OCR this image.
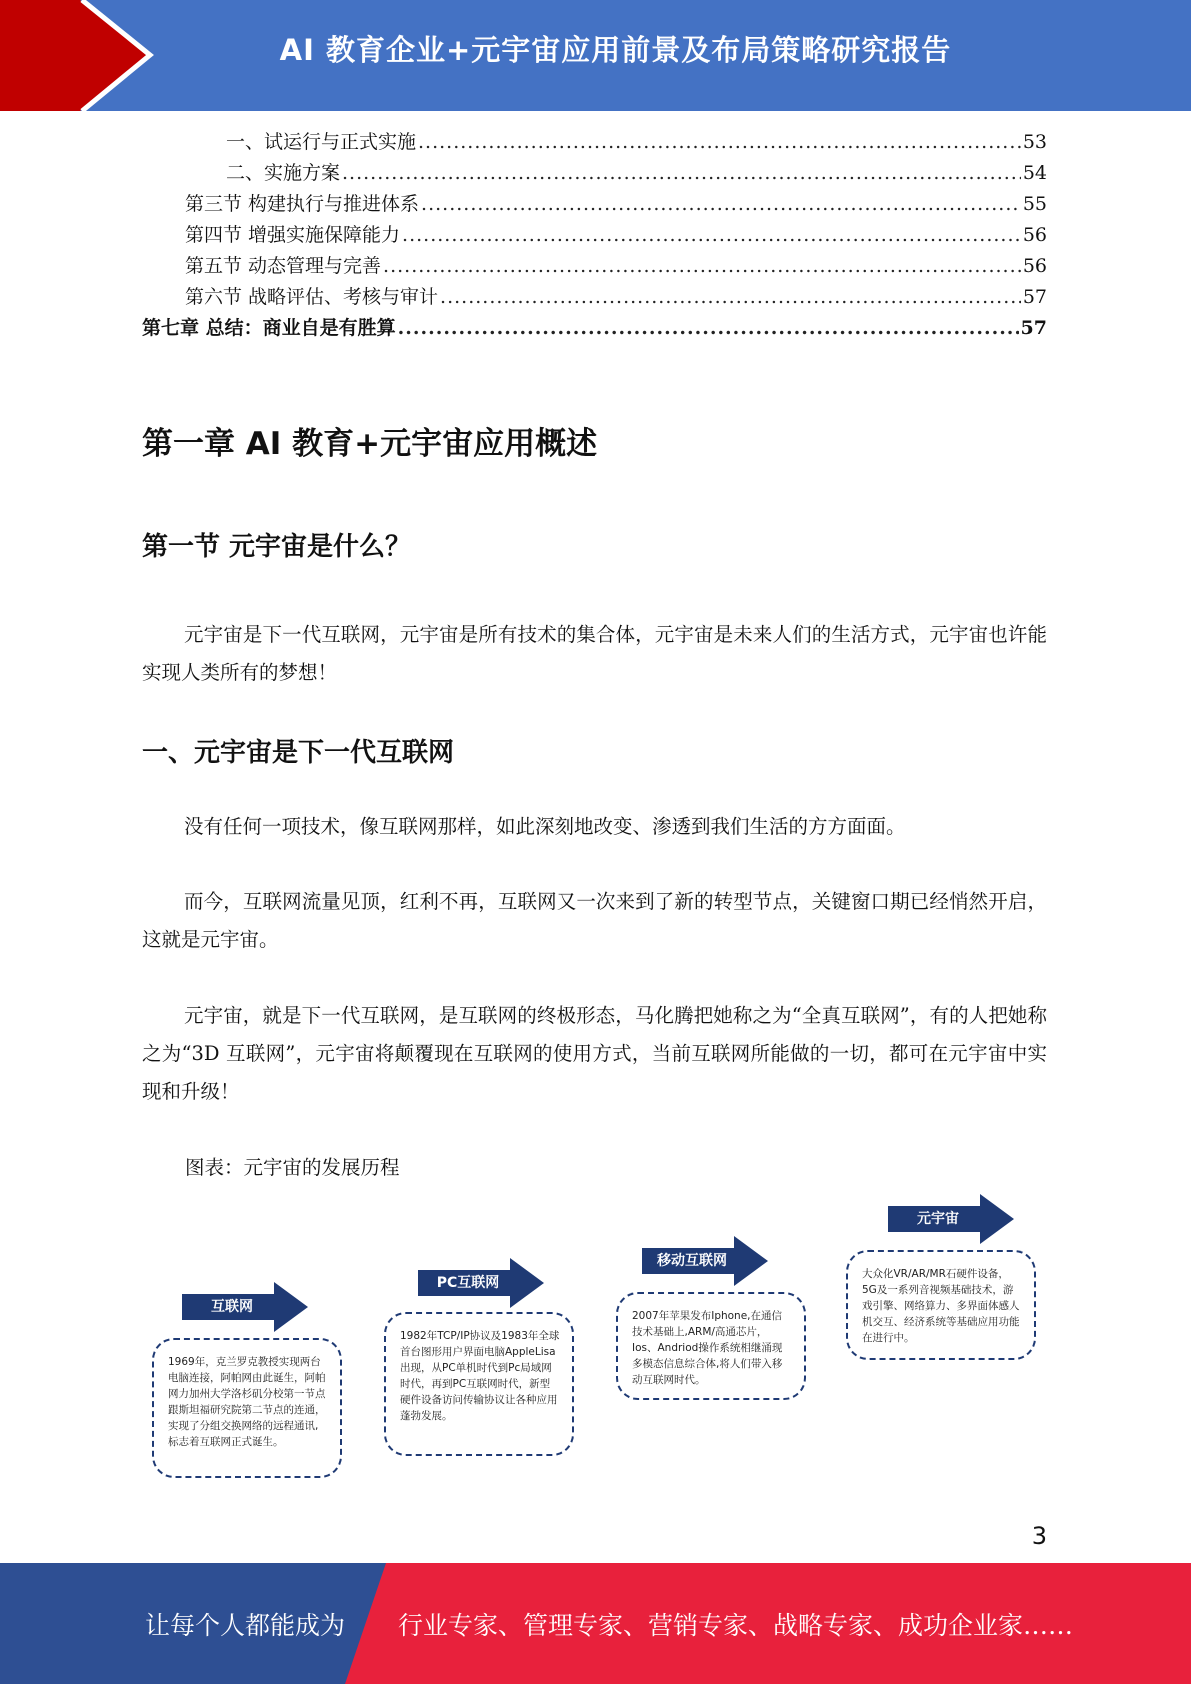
AI 教育企业+元宇宙应用前景及布局策略研究报告
一、试运行与正式实施 .....	53
二、实施方案 .....	54
第三节 构建执行与推进体系 .....	55
第四节 增强实施保障能力 .....	56
第五节 动态管理与完善 .....	56
第六节 战略评估、考核与审计 .....	57
第七章 总结：商业自是有胜算 .....	57
第一章 AI 教育+元宇宙应用概述
第一节 元宇宙是什么？
元宇宙是下一代互联网，元宇宙是所有技术的集合体，元宇宙是未来人们的生活方式，元宇宙也许能实现人类所有的梦想！
一、元宇宙是下一代互联网
没有任何一项技术，像互联网那样，如此深刻地改变、渗透到我们生活的方方面面。
而今，互联网流量见顶，红利不再，互联网又一次来到了新的转型节点，关键窗口期已经悄然开启，这就是元宇宙。
元宇宙，就是下一代互联网，是互联网的终极形态，马化腾把她称之为“全真互联网”，有的人把她称之为“3D 互联网”，元宇宙将颠覆现在互联网的使用方式，当前互联网所能做的一切，都可在元宇宙中实现和升级！
图表：元宇宙的发展历程
互联网
1969年，克兰罗克教授实现两台电脑连接，阿帕网由此诞生，阿帕网力加州大学洛杉矶分校第一节点跟斯坦福研究院第二节点的连通，实现了分组交换网络的远程通讯,标志着互联网正式诞生。
PC互联网
1982年TCP/IP协议及1983年全球首台图形用户界面电脑AppleLisa出现，从PC单机时代到Pc局域网时代，再到PC互联网时代，新型硬件设备访问传输协议让各种应用蓬勃发展。
移动互联网
2007年苹果发布Iphone,在通信技术基础上,ARM/高通芯片，Ios、Andriod操作系统相继涌现多模态信息综合体,将人们带入移动互联网时代。
元宇宙
大众化VR/AR/MR石硬件设备，5G及一系列音视频基础技术，游戏引擎、网络算力、多界面体感人机交互、经济系统等基础应用功能在进行中。
3
让每个人都能成为 行业专家、管理专家、营销专家、战略专家、成功企业家……
